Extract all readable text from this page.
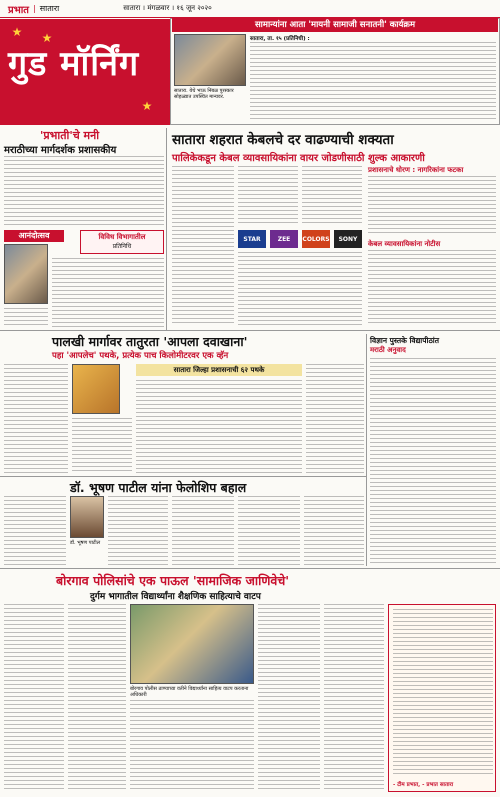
प्रभात | सातारा	सातारा । मंगळवार । १६ जून २०२०
गुड मॉर्निंग
★ ★
★
सामान्यांना आता 'मायनी सामाजी सनातनी' कार्यक्रम
सातारा. येथे भाऊ निंबळ पुरस्कार सोहळ्यात उपस्थित मान्यवर.
सातारा, ता. १५ (प्रतिनिधी) :
'प्रभाती'चे मनी
मराठीच्या मार्गदर्शक प्रशासकीय
आनंदोत्सव	विविध विभागातील
प्रतिनिधि
सातारा शहरात केबलचे दर वाढण्याची शक्यता
पालिकेकडून केबल व्यावसायिकांना वायर जोडणीसाठी शुल्क आकारणी
STAR	ZEE	COLORS	SONY
प्रशासनाचे धोरण : नागरिकांना फटका
केबल व्यावसायिकांना नोटीस
पालखी मार्गावर तातुरता 'आपला दवाखाना'
पहा 'आपलेच' पथके, प्रत्येक पाच किलोमीटरवर एक व्हॅन
सातारा जिल्हा प्रशासनाची ६२ पथके
विज्ञान पुस्तके विद्यापीठांत
मराठी अनुवाद
डॉ. भूषण पाटील यांना फेलोशिप बहाल
डॉ. भूषण पाटील
बोरगाव पोलिसांचे एक पाऊल 'सामाजिक जाणिवेचे'
दुर्गम भागातील विद्यार्थ्यांना शैक्षणिक साहित्याचे वाटप
बोरगाव पोलीस ठाण्याच्या वतीने विद्यार्थ्यांना साहित्य वाटप करताना अधिकारी
- टीम प्रभात, - प्रभात सातारा
